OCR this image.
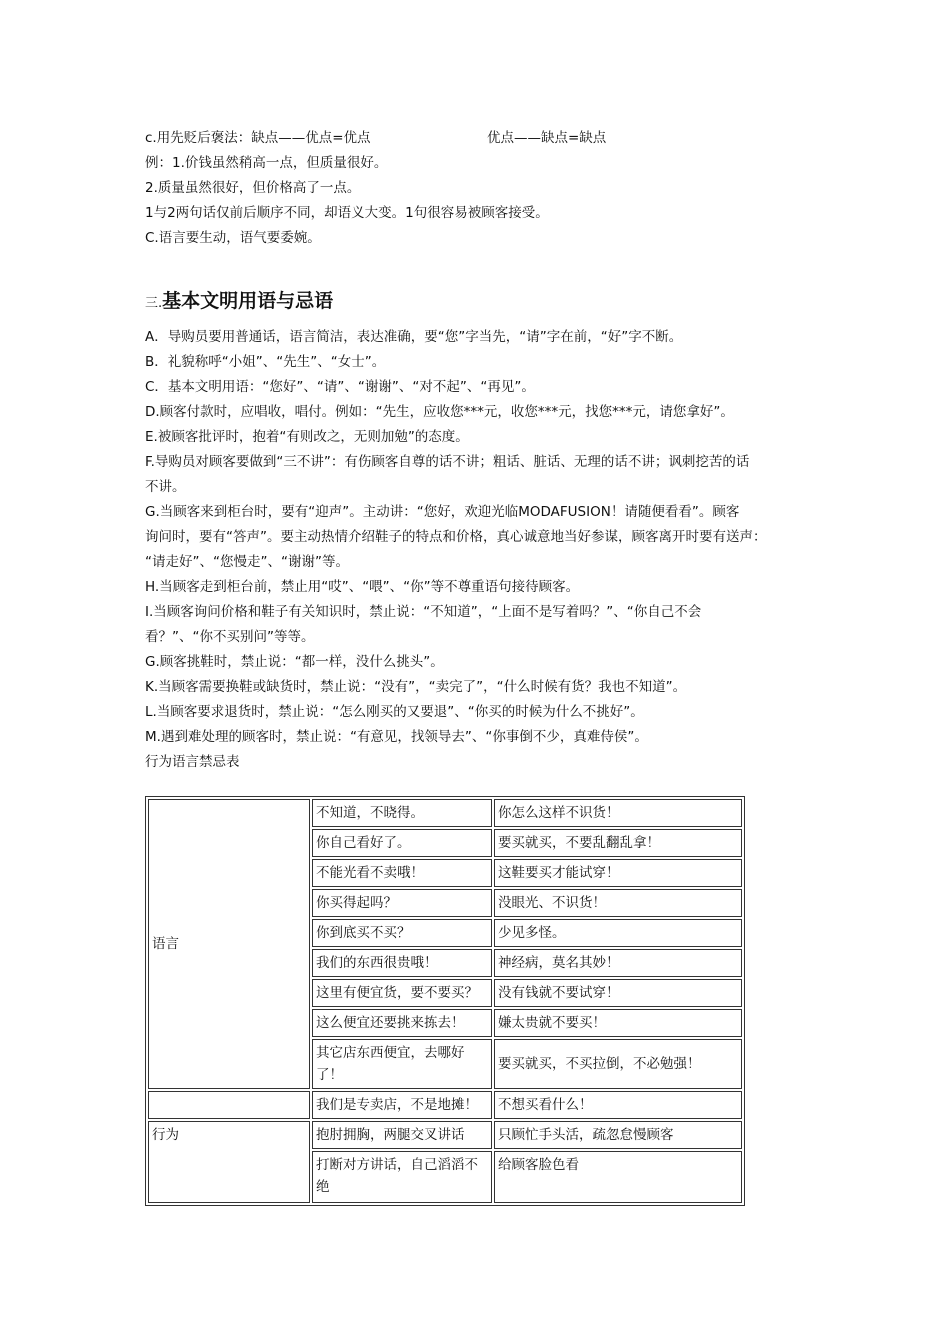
c.用先贬后褒法：缺点——优点=优点	优点——缺点=缺点
例：1.价钱虽然稍高一点，但质量很好。
2.质量虽然很好，但价格高了一点。
1与2两句话仅前后顺序不同，却语义大变。1句很容易被顾客接受。
C.语言要生动，语气要委婉。
三.基本文明用语与忌语
A．导购员要用普通话，语言简洁，表达准确，要“您”字当先，“请”字在前，“好”字不断。
B．礼貌称呼“小姐”、“先生”、“女士”。
C．基本文明用语：“您好”、“请”、“谢谢”、“对不起”、“再见”。
D.顾客付款时，应唱收，唱付。例如：“先生，应收您***元，收您***元，找您***元，请您拿好”。
E.被顾客批评时，抱着“有则改之，无则加勉”的态度。
F.导购员对顾客要做到“三不讲”：有伤顾客自尊的话不讲；粗话、脏话、无理的话不讲；讽刺挖苦的话
不讲。
G.当顾客来到柜台时，要有“迎声”。主动讲：“您好，欢迎光临MODAFUSION！请随便看看”。顾客
询问时，要有“答声”。要主动热情介绍鞋子的特点和价格，真心诚意地当好参谋，顾客离开时要有送声：
“请走好”、“您慢走”、“谢谢”等。
H.当顾客走到柜台前，禁止用“哎”、“喂”、“你”等不尊重语句接待顾客。
I.当顾客询问价格和鞋子有关知识时，禁止说：“不知道”，“上面不是写着吗？”、“你自己不会
看？”、“你不买别问”等等。
G.顾客挑鞋时，禁止说：“都一样，没什么挑头”。
K.当顾客需要换鞋或缺货时，禁止说：“没有”，“卖完了”，“什么时候有货？我也不知道”。
L.当顾客要求退货时，禁止说：“怎么刚买的又要退”、“你买的时候为什么不挑好”。
M.遇到难处理的顾客时，禁止说：“有意见，找领导去”、“你事倒不少，真难侍侯”。
行为语言禁忌表
语言	不知道，不晓得。	你怎么这样不识货！
	你自己看好了。	要买就买，不要乱翻乱拿！
	不能光看不卖哦！	这鞋要买才能试穿！
	你买得起吗？	没眼光、不识货！
	你到底买不买？	少见多怪。
	我们的东西很贵哦！	神经病，莫名其妙！
	这里有便宜货，要不要买？	没有钱就不要试穿！
	这么便宜还要挑来拣去！	嫌太贵就不要买！
	其它店东西便宜，去哪好了！	要买就买，不买拉倒，不必勉强！
	我们是专卖店，不是地摊！	不想买看什么！
行为	抱肘拥胸，两腿交叉讲话	只顾忙手头活，疏忽怠慢顾客
	打断对方讲话，自己滔滔不绝	给顾客脸色看
